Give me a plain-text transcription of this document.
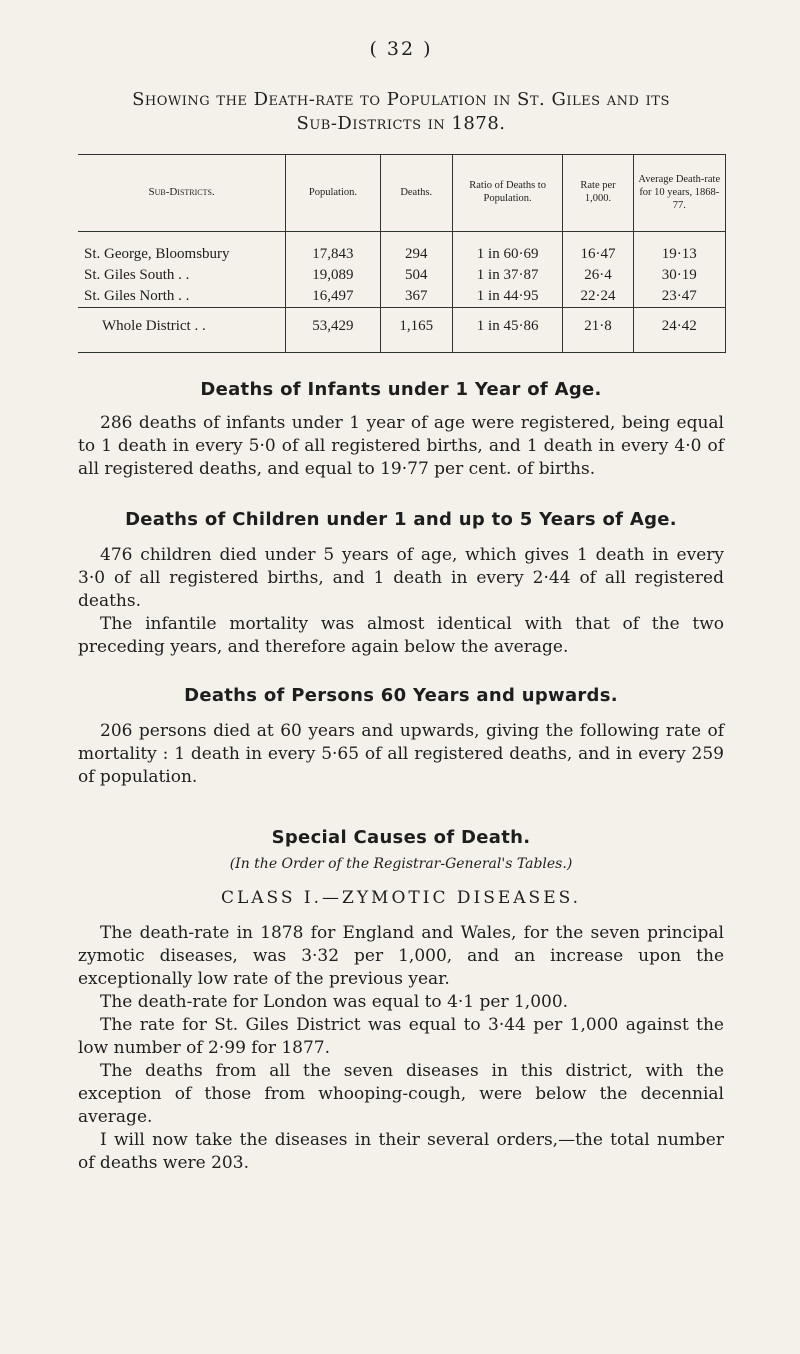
( 32 )
Showing the Death-rate to Population in St. Giles and its
Sub-Districts in 1878.
Sub-Districts.	Population.	Deaths.	Ratio of Deaths to Population.	Rate per 1,000.	Average Death-rate for 10 years, 1868-77.

St. George, Bloomsbury	17,843	294	1 in 60·69	16·47	19·13
St. Giles South . .	19,089	504	1 in 37·87	26·4	30·19
St. Giles North . .	16,497	367	1 in 44·95	22·24	23·47
Whole District . .	53,429	1,165	1 in 45·86	21·8	24·42

Deaths of Infants under 1 Year of Age.
286 deaths of infants under 1 year of age were registered, being equal to 1 death in every 5·0 of all registered births, and 1 death in every 4·0 of all registered deaths, and equal to 19·77 per cent. of births.
Deaths of Children under 1 and up to 5 Years of Age.
476 children died under 5 years of age, which gives 1 death in every 3·0 of all registered births, and 1 death in every 2·44 of all registered deaths.
The infantile mortality was almost identical with that of the two preceding years, and therefore again below the average.
Deaths of Persons 60 Years and upwards.
206 persons died at 60 years and upwards, giving the following rate of mortality : 1 death in every 5·65 of all registered deaths, and in every 259 of population.
Special Causes of Death.
(In the Order of the Registrar-General's Tables.)
CLASS I.—ZYMOTIC DISEASES.
The death-rate in 1878 for England and Wales, for the seven principal zymotic diseases, was 3·32 per 1,000, and an increase upon the exceptionally low rate of the previous year.
The death-rate for London was equal to 4·1 per 1,000.
The rate for St. Giles District was equal to 3·44 per 1,000 against the low number of 2·99 for 1877.
The deaths from all the seven diseases in this district, with the exception of those from whooping-cough, were below the decennial average.
I will now take the diseases in their several orders,—the total number of deaths were 203.
